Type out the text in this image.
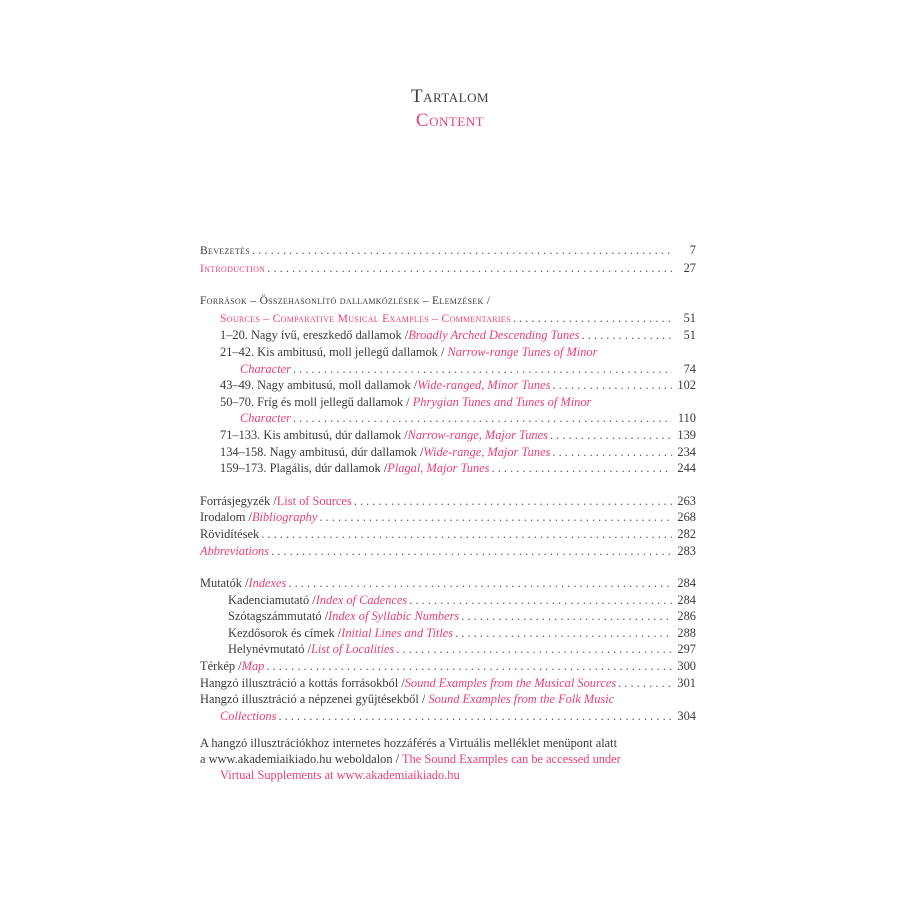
Tartalom
Content
Bevezetés . . .	7
Introduction . . .	27
Források – Összehasonlító dallamközlések – Elemzések /
Sources – Comparative Musical Examples – Commentaries . . .	51
1–20. Nagy ívű, ereszkedő dallamok / Broadly Arched Descending Tunes . . .	51
21–42. Kis ambitusú, moll jellegű dallamok / Narrow-range Tunes of Minor
Character . . .	74
43–49. Nagy ambitusú, moll dallamok / Wide-ranged, Minor Tunes . . .	102
50–70. Fríg és moll jellegű dallamok / Phrygian Tunes and Tunes of Minor
Character . . .	110
71–133. Kis ambitusú, dúr dallamok / Narrow-range, Major Tunes . . .	139
134–158. Nagy ambitusú, dúr dallamok / Wide-range, Major Tunes . . .	234
159–173. Plagális, dúr dallamok / Plagal, Major Tunes . . .	244
Forrásjegyzék / List of Sources . . .	263
Irodalom / Bibliography . . .	268
Rövidítések . . .	282
Abbreviations . . .	283
Mutatók / Indexes . . .	284
Kadenciamutató / Index of Cadences . . .	284
Szótagszámmutató / Index of Syllabic Numbers . . .	286
Kezdősorok és címek / Initial Lines and Titles . . .	288
Helynévmutató / List of Localities . . .	297
Térkép / Map . . .	300
Hangzó illusztráció a kottás forrásokból / Sound Examples from the Musical Sources . . .	301
Hangzó illusztráció a népzenei gyűjtésekből / Sound Examples from the Folk Music
Collections . . .	304
A hangzó illusztrációkhoz internetes hozzáférés a Virtuális melléklet menüpont alatt
a www.akademiaikiado.hu weboldalon / The Sound Examples can be accessed under
Virtual Supplements at www.akademiaikiado.hu
